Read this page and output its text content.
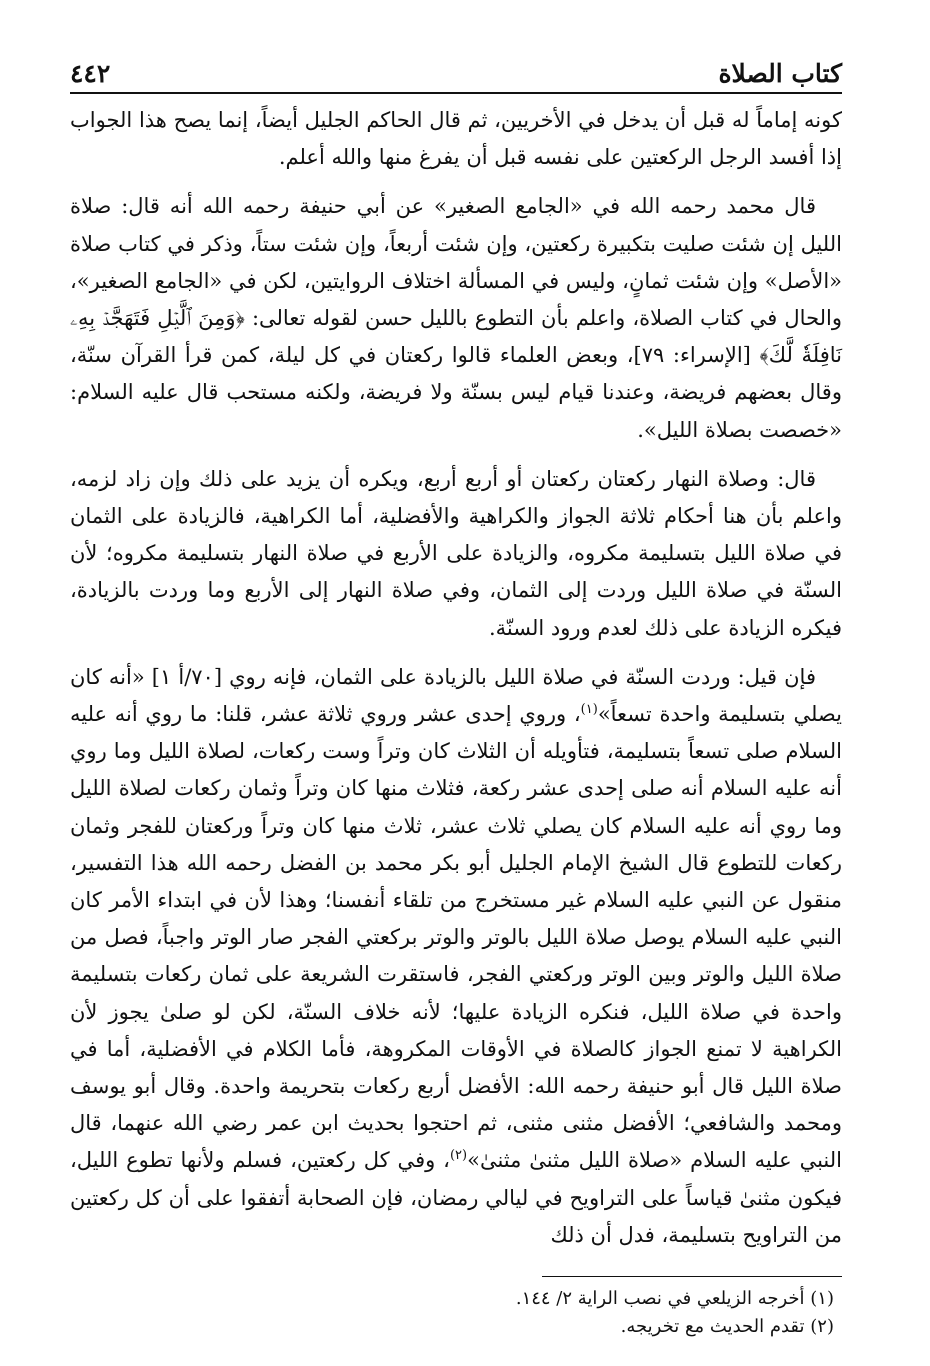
كتاب الصلاة
٤٤٢

كونه إماماً له قبل أن يدخل في الأخريين، ثم قال الحاكم الجليل أيضاً، إنما يصح هذا الجواب إذا أفسد الرجل الركعتين على نفسه قبل أن يفرغ منها والله أعلم.

قال محمد رحمه الله في «الجامع الصغير» عن أبي حنيفة رحمه الله أنه قال: صلاة الليل إن شئت صليت بتكبيرة ركعتين، وإن شئت أربعاً، وإن شئت ستاً، وذكر في كتاب صلاة «الأصل» وإن شئت ثمانٍ، وليس في المسألة اختلاف الروايتين، لكن في «الجامع الصغير»، والحال في كتاب الصلاة، واعلم بأن التطوع بالليل حسن لقوله تعالى: ﴿وَمِنَ ٱلَّيۡلِ فَتَهَجَّدۡ بِهِۦ نَافِلَةٗ لَّكَ﴾ [الإسراء: ٧٩]، وبعض العلماء قالوا ركعتان في كل ليلة، كمن قرأ القرآن سنّة، وقال بعضهم فريضة، وعندنا قيام ليس بسنّة ولا فريضة، ولكنه مستحب قال عليه السلام: «خصصت بصلاة الليل».

قال: وصلاة النهار ركعتان ركعتان أو أربع أربع، ويكره أن يزيد على ذلك وإن زاد لزمه، واعلم بأن هنا أحكام ثلاثة الجواز والكراهية والأفضلية، أما الكراهية، فالزيادة على الثمان في صلاة الليل بتسليمة مكروه، والزيادة على الأربع في صلاة النهار بتسليمة مكروه؛ لأن السنّة في صلاة الليل وردت إلى الثمان، وفي صلاة النهار إلى الأربع وما وردت بالزيادة، فيكره الزيادة على ذلك لعدم ورود السنّة.

فإن قيل: وردت السنّة في صلاة الليل بالزيادة على الثمان، فإنه روي [٧٠/أ ١] «أنه كان يصلي بتسليمة واحدة تسعاً»$^{(١)}$، وروي إحدى عشر وروي ثلاثة عشر، قلنا: ما روي أنه عليه السلام صلى تسعاً بتسليمة، فتأويله أن الثلاث كان وتراً وست ركعات، لصلاة الليل وما روي أنه عليه السلام أنه صلى إحدى عشر ركعة، فثلاث منها كان وتراً وثمان ركعات لصلاة الليل وما روي أنه عليه السلام كان يصلي ثلاث عشر، ثلاث منها كان وتراً وركعتان للفجر وثمان ركعات للتطوع قال الشيخ الإمام الجليل أبو بكر محمد بن الفضل رحمه الله هذا التفسير، منقول عن النبي عليه السلام غير مستخرج من تلقاء أنفسنا؛ وهذا لأن في ابتداء الأمر كان النبي عليه السلام يوصل صلاة الليل بالوتر والوتر بركعتي الفجر صار الوتر واجباً، فصل من صلاة الليل والوتر وبين الوتر وركعتي الفجر، فاستقرت الشريعة على ثمان ركعات بتسليمة واحدة في صلاة الليل، فنكره الزيادة عليها؛ لأنه خلاف السنّة، لكن لو صلىٰ يجوز لأن الكراهية لا تمنع الجواز كالصلاة في الأوقات المكروهة، فأما الكلام في الأفضلية، أما في صلاة الليل قال أبو حنيفة رحمه الله: الأفضل أربع ركعات بتحريمة واحدة. وقال أبو يوسف ومحمد والشافعي؛ الأفضل مثنى مثنى، ثم احتجوا بحديث ابن عمر رضي الله عنهما، قال النبي عليه السلام «صلاة الليل مثنىٰ مثنىٰ»$^{(٢)}$، وفي كل ركعتين، فسلم ولأنها تطوع الليل، فيكون مثنىٰ قياساً على التراويح في ليالي رمضان، فإن الصحابة أتفقوا على أن كل ركعتين من التراويح بتسليمة، فدل أن ذلك

(١) أخرجه الزيلعي في نصب الراية ٢/ ١٤٤.
(٢) تقدم الحديث مع تخريجه.
